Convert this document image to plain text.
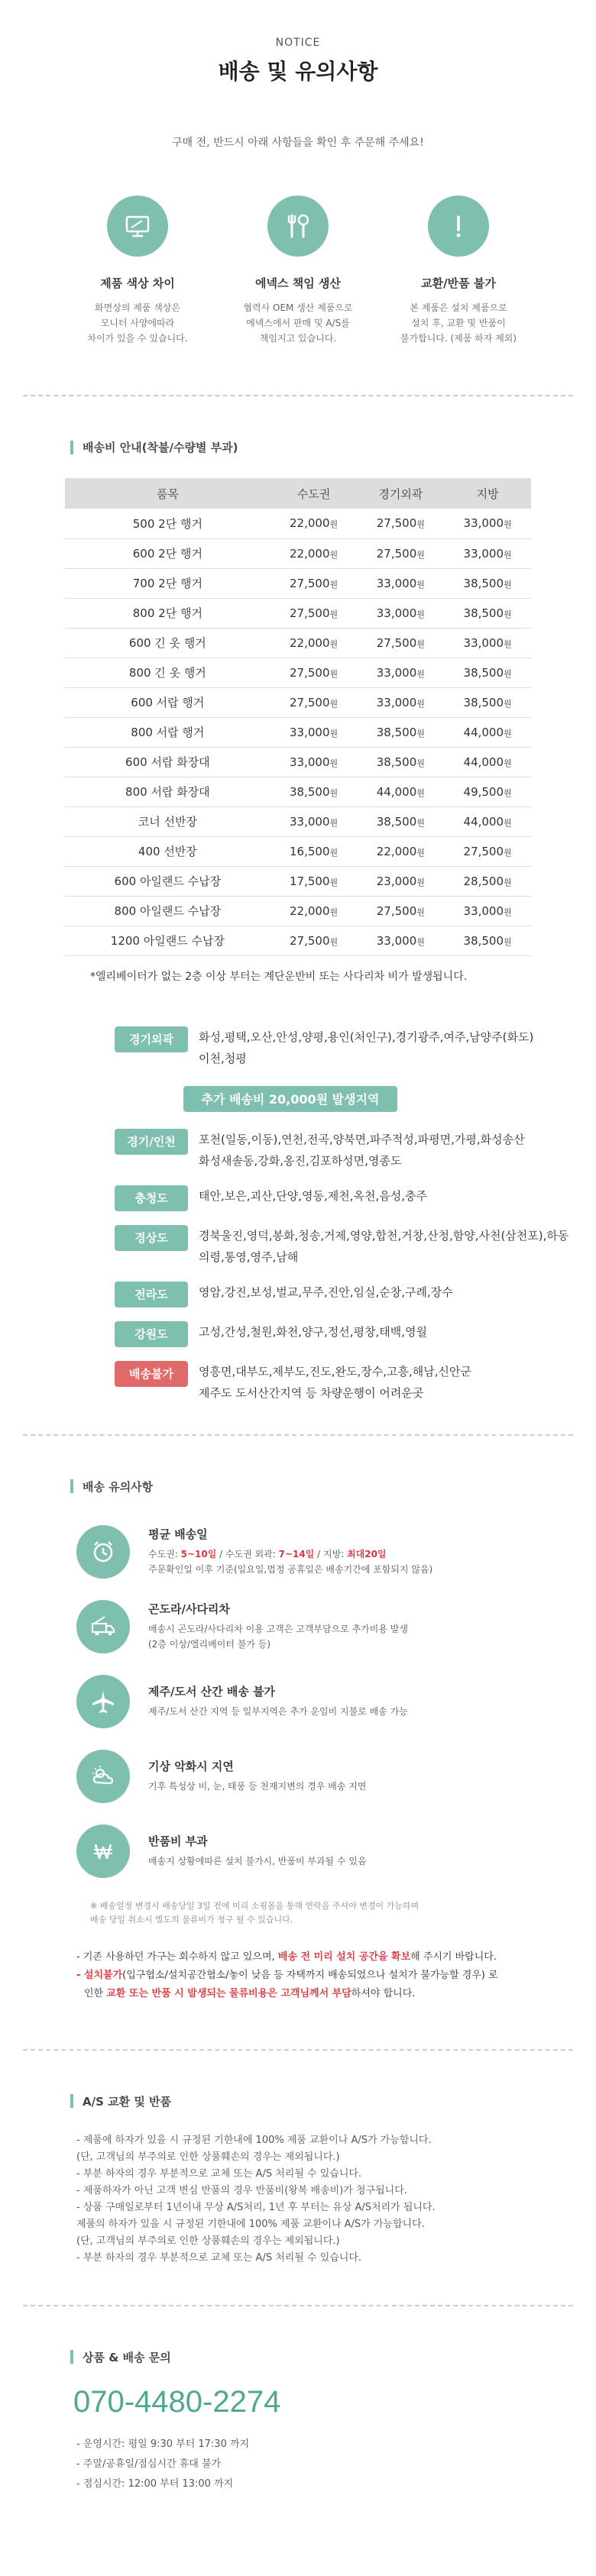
NOTICE
배송 및 유의사항
구매 전, 반드시 아래 사항들을 확인 후 주문해 주세요!
제품 색상 차이
화면상의 제품 색상은
모니터 사양에따라
차이가 있을 수 있습니다.
에넥스 책임 생산
협력사 OEM 생산 제품으로
에넥스에서 판매 및 A/S를
책임지고 있습니다.
교환/반품 불가
본 제품은 설치 제품으로
설치 후, 교환 및 반품이
불가합니다. (제품 하자 제외)
배송비 안내(착불/수량별 부과)
품목	수도권	경기외곽	지방
500 2단 행거	22,000원	27,500원	33,000원
600 2단 행거	22,000원	27,500원	33,000원
700 2단 행거	27,500원	33,000원	38,500원
800 2단 행거	27,500원	33,000원	38,500원
600 긴 옷 행거	22,000원	27,500원	33,000원
800 긴 옷 행거	27,500원	33,000원	38,500원
600 서랍 행거	27,500원	33,000원	38,500원
800 서랍 행거	33,000원	38,500원	44,000원
600 서랍 화장대	33,000원	38,500원	44,000원
800 서랍 화장대	38,500원	44,000원	49,500원
코너 선반장	33,000원	38,500원	44,000원
400 선반장	16,500원	22,000원	27,500원
600 아일랜드 수납장	17,500원	23,000원	28,500원
800 아일랜드 수납장	22,000원	27,500원	33,000원
1200 아일랜드 수납장	27,500원	33,000원	38,500원
*엘리베이터가 없는 2층 이상 부터는 계단운반비 또는 사다리차 비가 발생됩니다.
경기외곽	화성,평택,오산,안성,양평,용인(처인구),경기광주,여주,남양주(화도)
이천,청평
추가 배송비 20,000원 발생지역
경기/인천	포천(일동,이동),연천,전곡,양북면,파주적성,파평면,가평,화성송산
화성새솔동,강화,옹진,김포하성면,영종도
충청도	태안,보은,괴산,단양,영동,제천,옥천,음성,충주
경상도	경북울진,영덕,봉화,청송,거제,영양,합천,거창,산청,함양,사천(삼천포),하동
의령,통영,영주,남해
전라도	영암,강진,보성,벌교,무주,진안,임실,순창,구례,장수
강원도	고성,간성,철원,화천,양구,정선,평창,태백,영월
배송불가	영흥면,대부도,제부도,진도,완도,장수,고흥,해남,신안군
제주도 도서산간지역 등 차량운행이 어려운곳
배송 유의사항
평균 배송일
수도권: 5~10일 / 수도권 외곽: 7~14일 / 지방: 최대20일
주문확인일 이후 기준(일요일,법정 공휴일은 배송기간에 포함되지 않음)
곤도라/사다리차
배송시 곤도라/사다리차 이용 고객은 고객부담으로 추가비용 발생
(2층 이상/엘리베이터 불가 등)
제주/도서 산간 배송 불가
제주/도서 산간 지역 등 일부지역은 추가 운임비 지불로 배송 가능
기상 악화시 지연
기후 특성상 비, 눈, 태풍 등 천재지변의 경우 배송 지연
반품비 부과
배송지 상황에따른 설치 불가시, 반품비 부과될 수 있음
※ 배송일정 변경시 배송당일 3일 전에 미리 소핑몰을 통해 연락을 주셔야 변경이 가능하며
배송 당일 취소시 별도의 물류비가 청구 될 수 있습니다.
- 기존 사용하던 가구는 회수하지 않고 있으며, 배송 전 미리 설치 공간을 확보해 주시기 바랍니다.
- 설치불가(입구협소/설치공간협소/놓이 낮음 등 자택까지 배송되었으나 설치가 불가능할 경우) 로
인한 교환 또는 반품 시 발생되는 물류비용은 고객님께서 부담하셔야 합니다.
A/S 교환 및 반품
- 제품에 하자가 있을 시 규정된 기한내에 100% 제품 교환이나 A/S가 가능합니다.
(단, 고객님의 부주의로 인한 상품훼손의 경우는 제외됩니다.)
- 부분 하자의 경우 부분적으로 교체 또는 A/S 처리될 수 있습니다.
- 제품하자가 아닌 고객 변심 반품의 경우 반품비(왕복 배송비)가 청구됩니다.
- 상품 구매일로부터 1년이내 무상 A/S처리, 1년 후 부터는 유상 A/S처리가 됩니다.
제품의 하자가 있을 시 규정된 기한내에 100% 제품 교환이나 A/S가 가능합니다.
(단, 고객님의 부주의로 인한 상품훼손의 경우는 제외됩니다.)
- 부분 하자의 경우 부분적으로 교체 또는 A/S 처리될 수 있습니다.
상품 & 배송 문의
070-4480-2274
- 운영시간: 평일 9:30 부터 17:30 까지
- 주말/공휴일/점심시간 휴대 불가
- 점심시간: 12:00 부터 13:00 까지
